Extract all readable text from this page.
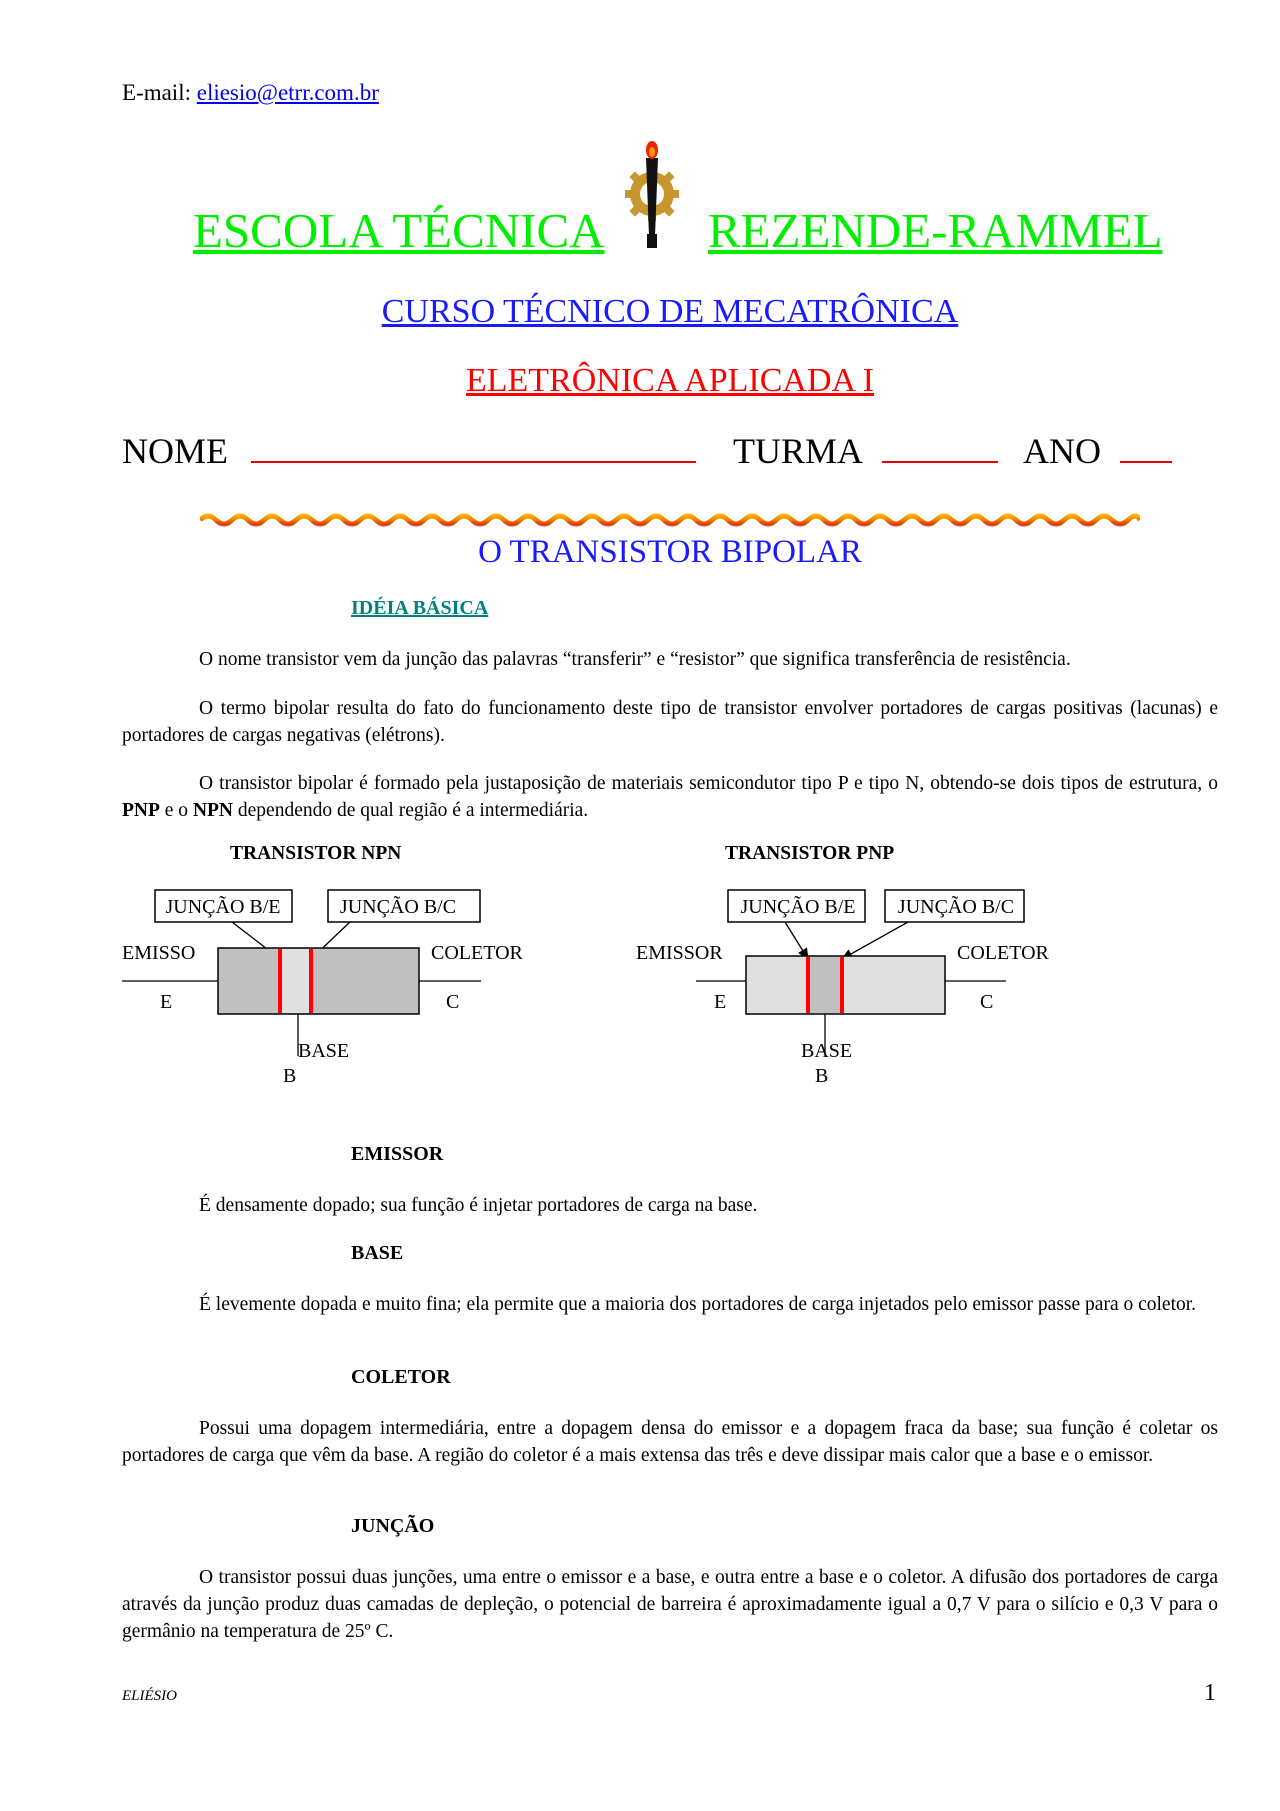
E-mail: eliesio@etrr.com.br
ESCOLA TÉCNICA REZENDE-RAMMEL
CURSO TÉCNICO DE MECATRÔNICA
ELETRÔNICA APLICADA I
NOME	TURMA	ANO
O TRANSISTOR BIPOLAR
IDÉIA BÁSICA
O nome transistor vem da junção das palavras “transferir” e “resistor” que significa transferência de resistência.
O termo bipolar resulta do fato do funcionamento deste tipo de transistor envolver portadores de cargas positivas (lacunas) e portadores de cargas negativas (elétrons).
O transistor bipolar é formado pela justaposição de materiais semicondutor tipo P e tipo N, obtendo-se dois tipos de estrutura, o PNP e o NPN dependendo de qual região é a intermediária.
TRANSISTOR NPN	TRANSISTOR PNP
JUNÇÃO B/E	JUNÇÃO B/C
EMISSO	COLETOR
E	C
BASE
B
JUNÇÃO B/E JUNÇÃO B/C
EMISSOR	COLETOR
E	C
BASE
B
EMISSOR
É densamente dopado; sua função é injetar portadores de carga na base.
BASE
É levemente dopada e muito fina; ela permite que a maioria dos portadores de carga injetados pelo emissor passe para o coletor.
COLETOR
Possui uma dopagem intermediária, entre a dopagem densa do emissor e a dopagem fraca da base; sua função é coletar os portadores de carga que vêm da base. A região do coletor é a mais extensa das três e deve dissipar mais calor que a base e o emissor.
JUNÇÃO
O transistor possui duas junções, uma entre o emissor e a base, e outra entre a base e o coletor. A difusão dos portadores de carga através da junção produz duas camadas de depleção, o potencial de barreira é aproximadamente igual a 0,7 V para o silício e 0,3 V para o germânio na temperatura de 25º C.
ELIÉSIO	1
